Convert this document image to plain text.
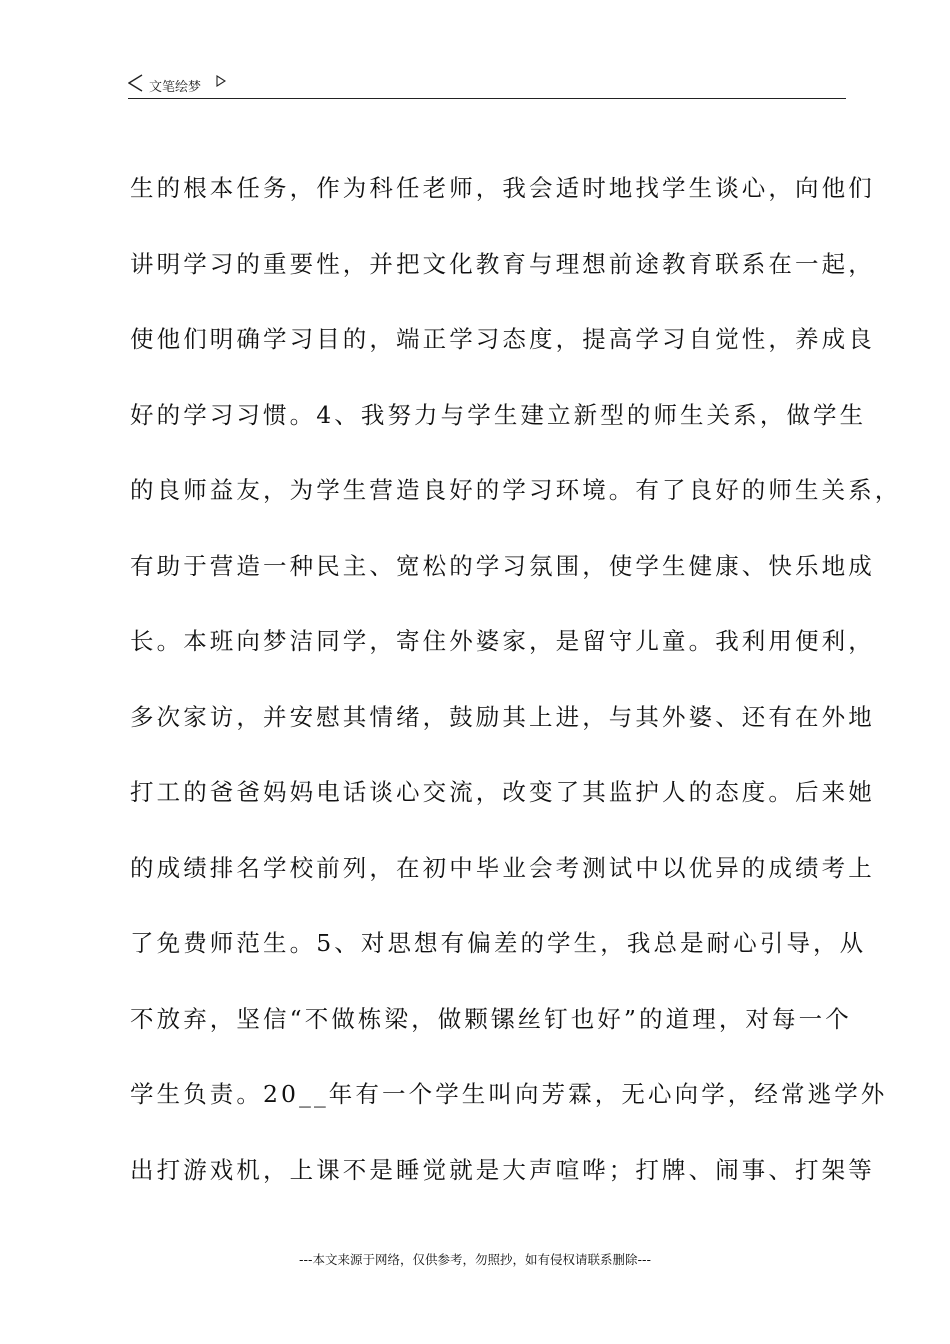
文笔绘梦
生的根本任务，作为科任老师，我会适时地找学生谈心，向他们
讲明学习的重要性，并把文化教育与理想前途教育联系在一起，
使他们明确学习目的，端正学习态度，提高学习自觉性，养成良
好的学习习惯。4、我努力与学生建立新型的师生关系，做学生
的良师益友，为学生营造良好的学习环境。有了良好的师生关系，
有助于营造一种民主、宽松的学习氛围，使学生健康、快乐地成
长。本班向梦洁同学，寄住外婆家，是留守儿童。我利用便利，
多次家访，并安慰其情绪，鼓励其上进，与其外婆、还有在外地
打工的爸爸妈妈电话谈心交流，改变了其监护人的态度。后来她
的成绩排名学校前列，在初中毕业会考测试中以优异的成绩考上
了免费师范生。5、对思想有偏差的学生，我总是耐心引导，从
不放弃，坚信“不做栋梁，做颗镙丝钉也好”的道理，对每一个
学生负责。20__年有一个学生叫向芳霖，无心向学，经常逃学外
出打游戏机，上课不是睡觉就是大声喧哗；打牌、闹事、打架等
---本文来源于网络，仅供参考，勿照抄，如有侵权请联系删除---
